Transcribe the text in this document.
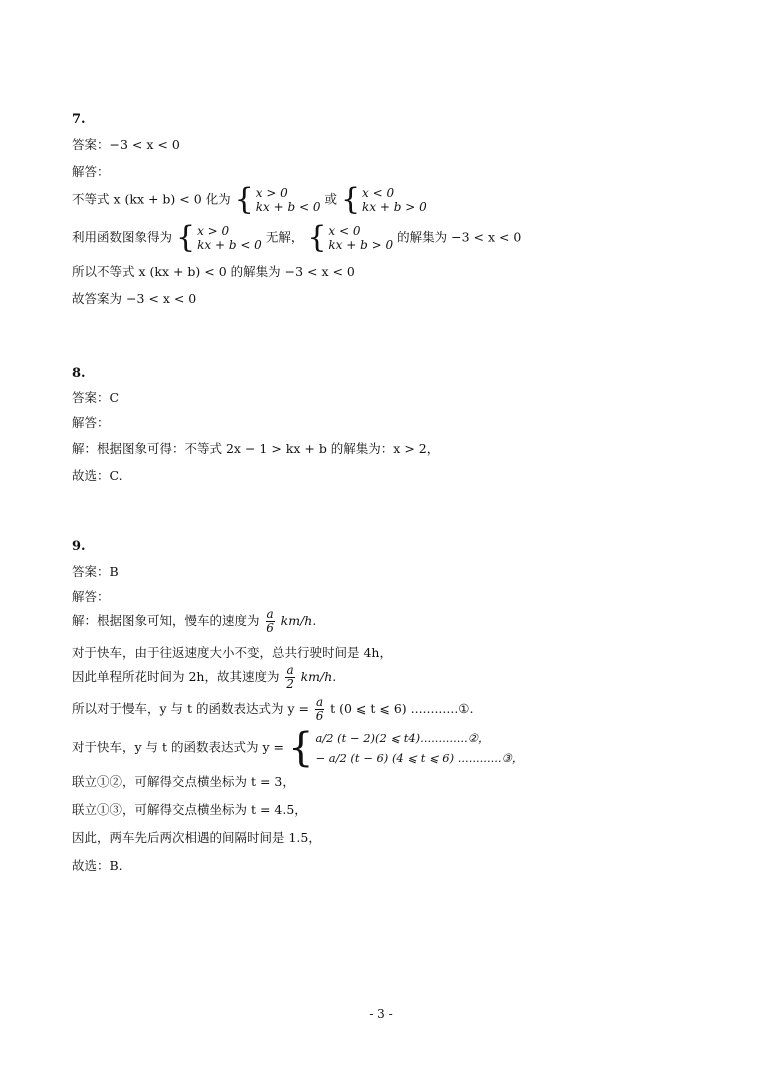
7.
答案：−3 < x < 0
解答：
不等式 x (kx + b) < 0 化为 { x > 0
kx + b < 0
或 { x < 0
kx + b > 0
利用函数图象得为 { x > 0
kx + b < 0
无解， { x < 0
kx + b > 0
的解集为 −3 < x < 0
所以不等式 x (kx + b) < 0 的解集为 −3 < x < 0
故答案为 −3 < x < 0
8.
答案：C
解答：
解：根据图象可得：不等式 2x − 1 > kx + b 的解集为：x > 2，
故选：C.
9.
答案：B
解答：
解：根据图象可知，慢车的速度为 $\frac{a}{6} km/h$.
对于快车，由于往返速度大小不变，总共行驶时间是 4h，
因此单程所花时间为 2h，故其速度为 $\frac{a}{2} km/h$.
所以对于慢车，y 与 t 的函数表达式为 $y = \frac{a}{6}$ t (0 ⩽ t ⩽ 6) ............①.
对于快车，y 与 t 的函数表达式为 y = { a/2 (t − 2)(2 ⩽ t4).............②，
− a/2 (t − 6) (4 ⩽ t ⩽ 6) ............③，
联立①②，可解得交点横坐标为 t = 3，
联立①③，可解得交点横坐标为 t = 4.5，
因此，两车先后两次相遇的间隔时间是 1.5，
故选：B.
- 3 -
